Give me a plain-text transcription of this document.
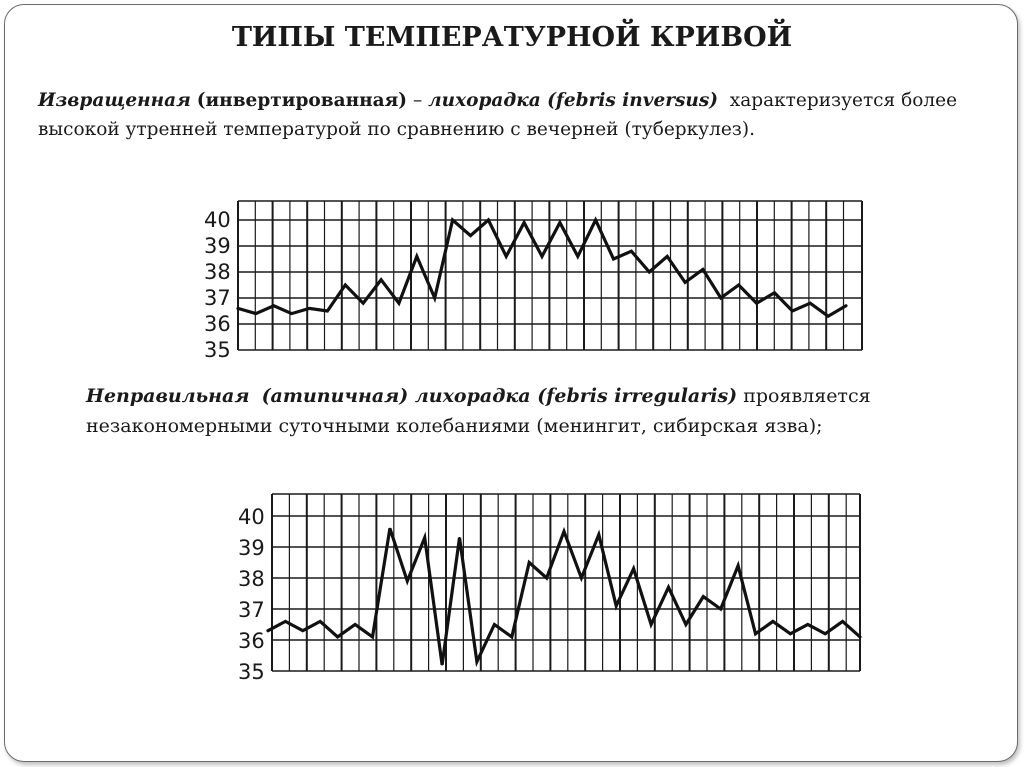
ТИПЫ ТЕМПЕРАТУРНОЙ КРИВОЙ
Извращенная (инвертированная) – лихорадка (febris inversus) характеризуется более высокой утренней температурой по сравнению с вечерней (туберкулез).
40
39
38
37
36
35
Неправильная (атипичная) лихорадка (febris irregularis) проявляется незакономерными суточными колебаниями (менингит, сибирская язва);
40
39
38
37
36
35
